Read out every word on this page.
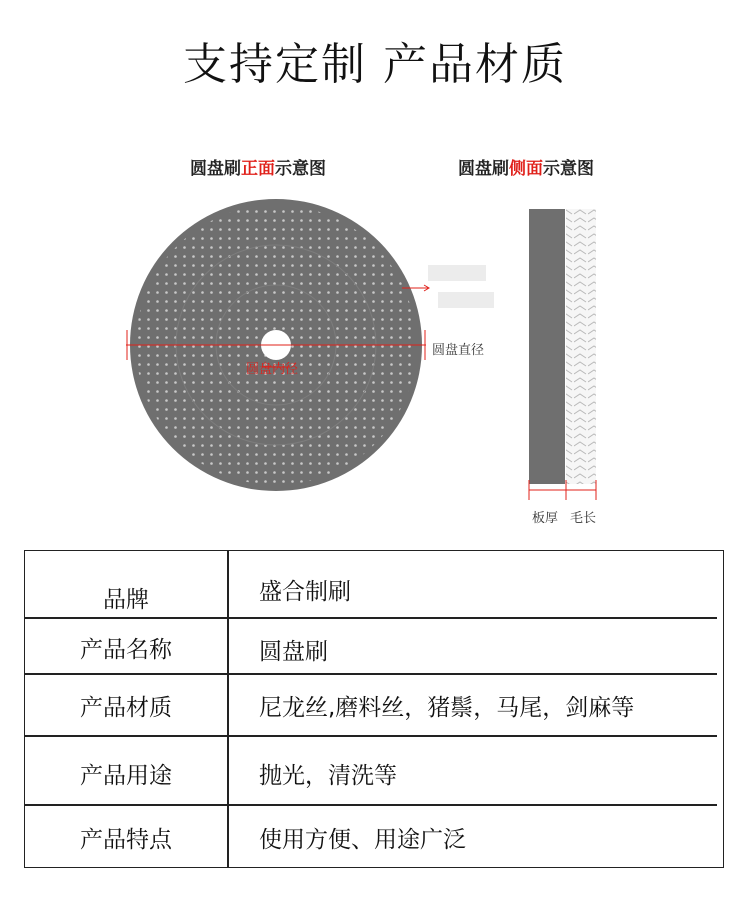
支持定制 产品材质
圆盘刷正面示意图	圆盘刷侧面示意图
圆盘内径
圆盘直径
板厚 毛长
品牌	盛合制刷
产品名称	圆盘刷
产品材质	尼龙丝,磨料丝，猪鬃，马尾，剑麻等
产品用途	抛光，清洗等
产品特点	使用方便、用途广泛
